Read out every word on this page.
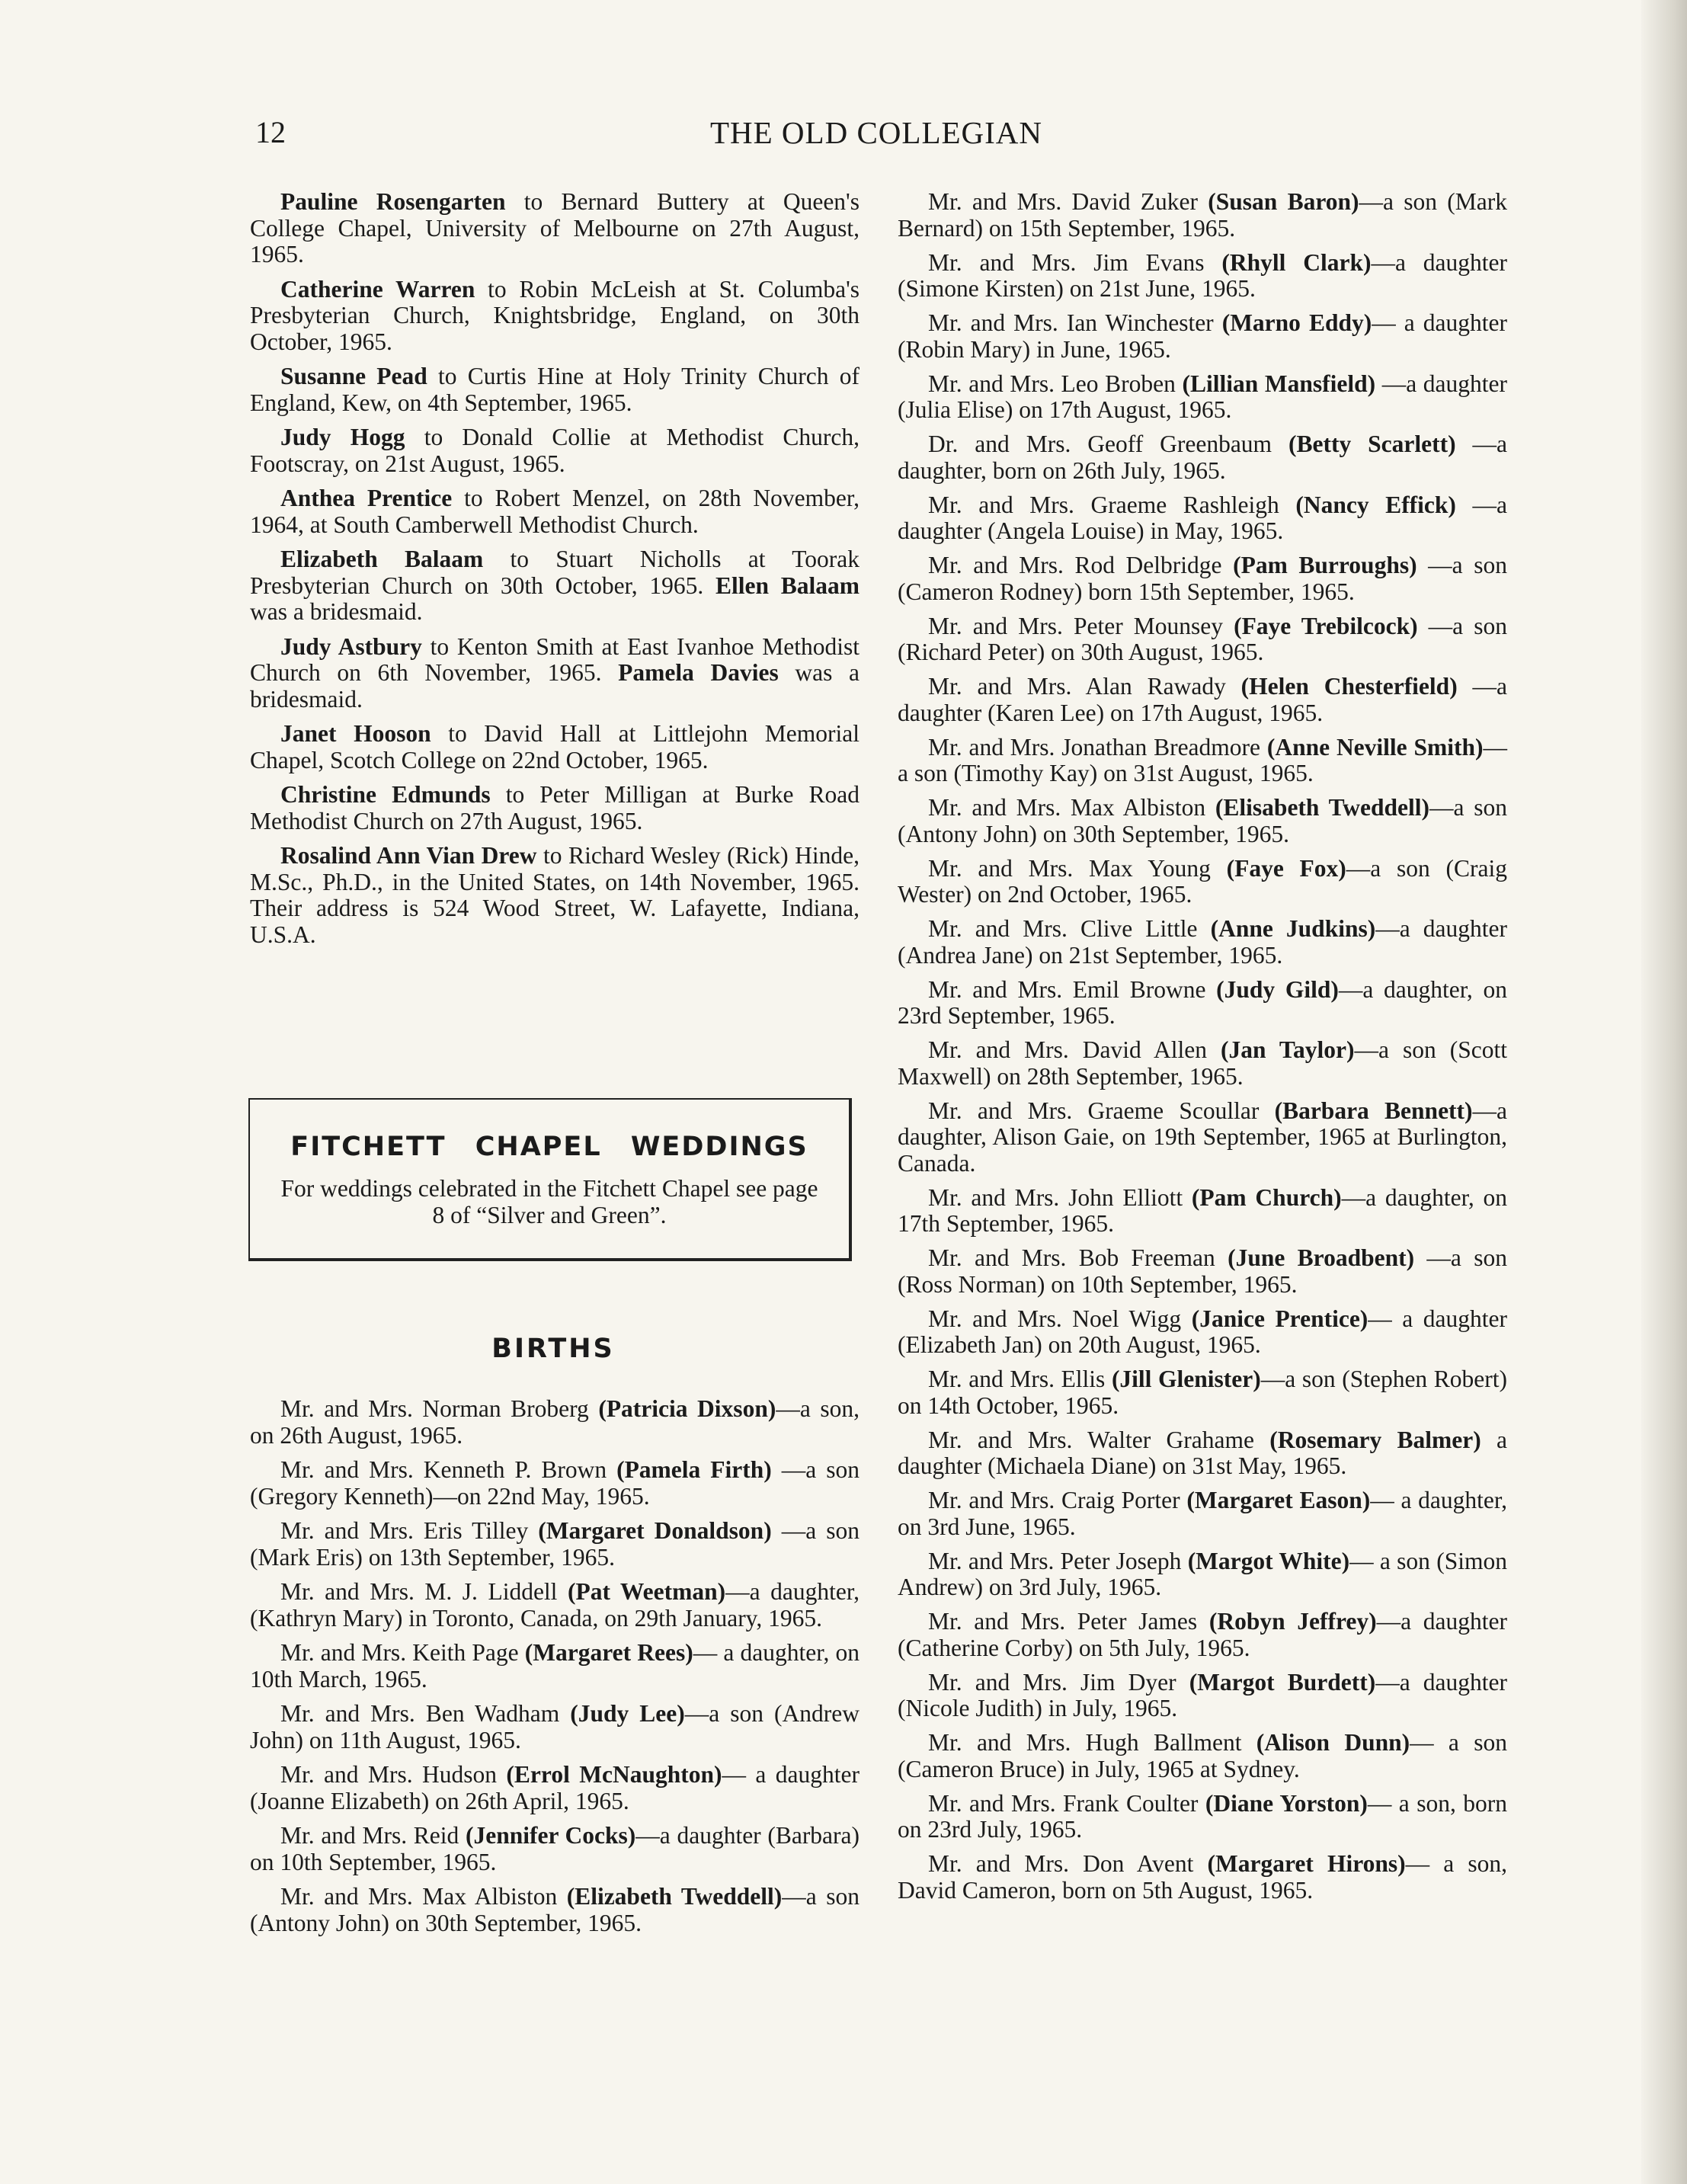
12	THE OLD COLLEGIAN

Pauline Rosengarten to Bernard Buttery at Queen's College Chapel, University of Melbourne on 27th August, 1965.

Catherine Warren to Robin McLeish at St. Columba's Presbyterian Church, Knightsbridge, England, on 30th October, 1965.

Susanne Pead to Curtis Hine at Holy Trinity Church of England, Kew, on 4th September, 1965.

Judy Hogg to Donald Collie at Methodist Church, Footscray, on 21st August, 1965.

Anthea Prentice to Robert Menzel, on 28th November, 1964, at South Camberwell Methodist Church.

Elizabeth Balaam to Stuart Nicholls at Toorak Presbyterian Church on 30th October, 1965. Ellen Balaam was a bridesmaid.

Judy Astbury to Kenton Smith at East Ivanhoe Methodist Church on 6th November, 1965. Pamela Davies was a bridesmaid.

Janet Hooson to David Hall at Littlejohn Memorial Chapel, Scotch College on 22nd October, 1965.

Christine Edmunds to Peter Milligan at Burke Road Methodist Church on 27th August, 1965.

Rosalind Ann Vian Drew to Richard Wesley (Rick) Hinde, M.Sc., Ph.D., in the United States, on 14th November, 1965. Their address is 524 Wood Street, W. Lafayette, Indiana, U.S.A.

FITCHETT CHAPEL WEDDINGS
For weddings celebrated in the Fitchett Chapel see page 8 of “Silver and Green”.
BIRTHS

Mr. and Mrs. Norman Broberg (Patricia Dixson)—a son, on 26th August, 1965.

Mr. and Mrs. Kenneth P. Brown (Pamela Firth) —a son (Gregory Kenneth)—on 22nd May, 1965.

Mr. and Mrs. Eris Tilley (Margaret Donaldson) —a son (Mark Eris) on 13th September, 1965.

Mr. and Mrs. M. J. Liddell (Pat Weetman)—a daughter, (Kathryn Mary) in Toronto, Canada, on 29th January, 1965.

Mr. and Mrs. Keith Page (Margaret Rees)— a daughter, on 10th March, 1965.

Mr. and Mrs. Ben Wadham (Judy Lee)—a son (Andrew John) on 11th August, 1965.

Mr. and Mrs. Hudson (Errol McNaughton)— a daughter (Joanne Elizabeth) on 26th April, 1965.

Mr. and Mrs. Reid (Jennifer Cocks)—a daughter (Barbara) on 10th September, 1965.

Mr. and Mrs. Max Albiston (Elizabeth Tweddell)—a son (Antony John) on 30th September, 1965.

Mr. and Mrs. David Zuker (Susan Baron)—a son (Mark Bernard) on 15th September, 1965.

Mr. and Mrs. Jim Evans (Rhyll Clark)—a daughter (Simone Kirsten) on 21st June, 1965.

Mr. and Mrs. Ian Winchester (Marno Eddy)— a daughter (Robin Mary) in June, 1965.

Mr. and Mrs. Leo Broben (Lillian Mansfield) —a daughter (Julia Elise) on 17th August, 1965.

Dr. and Mrs. Geoff Greenbaum (Betty Scarlett) —a daughter, born on 26th July, 1965.

Mr. and Mrs. Graeme Rashleigh (Nancy Effick) —a daughter (Angela Louise) in May, 1965.

Mr. and Mrs. Rod Delbridge (Pam Burroughs) —a son (Cameron Rodney) born 15th September, 1965.

Mr. and Mrs. Peter Mounsey (Faye Trebilcock) —a son (Richard Peter) on 30th August, 1965.

Mr. and Mrs. Alan Rawady (Helen Chesterfield) —a daughter (Karen Lee) on 17th August, 1965.

Mr. and Mrs. Jonathan Breadmore (Anne Neville Smith)—a son (Timothy Kay) on 31st August, 1965.

Mr. and Mrs. Max Albiston (Elisabeth Tweddell)—a son (Antony John) on 30th September, 1965.

Mr. and Mrs. Max Young (Faye Fox)—a son (Craig Wester) on 2nd October, 1965.

Mr. and Mrs. Clive Little (Anne Judkins)—a daughter (Andrea Jane) on 21st September, 1965.

Mr. and Mrs. Emil Browne (Judy Gild)—a daughter, on 23rd September, 1965.

Mr. and Mrs. David Allen (Jan Taylor)—a son (Scott Maxwell) on 28th September, 1965.

Mr. and Mrs. Graeme Scoullar (Barbara Bennett)—a daughter, Alison Gaie, on 19th September, 1965 at Burlington, Canada.

Mr. and Mrs. John Elliott (Pam Church)—a daughter, on 17th September, 1965.

Mr. and Mrs. Bob Freeman (June Broadbent) —a son (Ross Norman) on 10th September, 1965.

Mr. and Mrs. Noel Wigg (Janice Prentice)— a daughter (Elizabeth Jan) on 20th August, 1965.

Mr. and Mrs. Ellis (Jill Glenister)—a son (Stephen Robert) on 14th October, 1965.

Mr. and Mrs. Walter Grahame (Rosemary Balmer) a daughter (Michaela Diane) on 31st May, 1965.

Mr. and Mrs. Craig Porter (Margaret Eason)— a daughter, on 3rd June, 1965.

Mr. and Mrs. Peter Joseph (Margot White)— a son (Simon Andrew) on 3rd July, 1965.

Mr. and Mrs. Peter James (Robyn Jeffrey)—a daughter (Catherine Corby) on 5th July, 1965.

Mr. and Mrs. Jim Dyer (Margot Burdett)—a daughter (Nicole Judith) in July, 1965.

Mr. and Mrs. Hugh Ballment (Alison Dunn)— a son (Cameron Bruce) in July, 1965 at Sydney.

Mr. and Mrs. Frank Coulter (Diane Yorston)— a son, born on 23rd July, 1965.

Mr. and Mrs. Don Avent (Margaret Hirons)— a son, David Cameron, born on 5th August, 1965.
